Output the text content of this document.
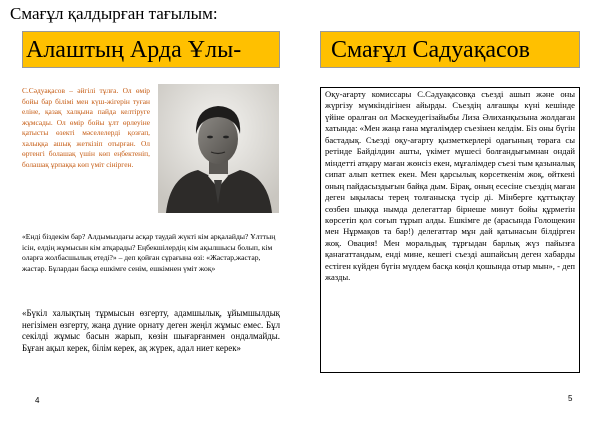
Смағұл қалдырған тағылым:
Алаштың Арда Ұлы-

С.Сәдуақасов – әйгілі тұлға. Ол өмір бойы бар білімі мен күш-жігерін туған еліне, қазақ халқына пайда келтіруге жұмсады. Ол өмір бойы ұлт өрлеуіне қатысты өзекті мәселелерді қозғап, халыққа ашық жеткізіп отырған. Ол өртенгі болашақ үшін көп еңбектеніп, болашақ ұрпаққа көп үміт сінірген.

«Енді біздекім бар? Алдымыздағы асқар таудай жүкті кім арқалайды? Ұлттың ісін, елдің жұмысын кім атқарады? Еңбекшілердің кім ақылшысы болып, кім оларға жолбасшылық етеді?» – деп қойған сұрағына өзі: «Жастар,жастар, жастар. Бұлардан басқа ешкімге сенім, ешкімнен үміт жоқ»

«Бүкіл халықтың тұрмысын өзгерту, адамшылық, ұйымшылдық негізімен өзгерту, жаңа дүние орнату деген жеңіл жұмыс емес. Бұл секілді жұмыс басын жарып, көзін шығарғанмен ондалмайды. Бұған ақыл керек, білім керек, ақ жүрек, адал ниет керек»

4
Смағұл Садуақасов

Оқу-ағарту комиссары С.Сәдуақасовқа съезді ашып және оны жүргізу мүмкіндігінен айырды. Съездің алғашқы күні кешінде үйіне оралған ол Мәскеудегізайыбы Лиза Әлиханқызына жолдаған хатында: «Мен жаңа ғана мұғалімдер съезінен келдім. Біз оны бүгін бастадық. Съезді оқу-ағарту қызметкерлері одағының төраға сы ретінде Байділдин ашты, үкімет мүшесі болғандығымнан ондай міндетті атқару маған жөнсіз екен, мұғалімдер съезі тым қазыналық сипат алып кетпек екен. Мен қарсылық көрсеткенім жоқ, өйткені оның пайдасыздығын байқа дым. Бірақ, оның есесіне съездің маған деген ықыласы терең толғанысқа түсір ді. Мінберге құттықтау сөзбен шыққа нымда делегаттар бірнеше минут бойы құрметін көрсетіп қол соғып тұрып алды. Ешкімге де (арасында Голощекин мен Нұрмақов та бар!) делегаттар мұн дай қатынасын білдірген жоқ. Овация! Мен моральдық тұрғыдан барлық жүз пайызға қанағаттандым, енді мине, кешегі съезді ашпайсың деген хабарды естіген күйден бүгін мүлдем басқа көңіл қошында отыр мын», - деп жазды.

5
